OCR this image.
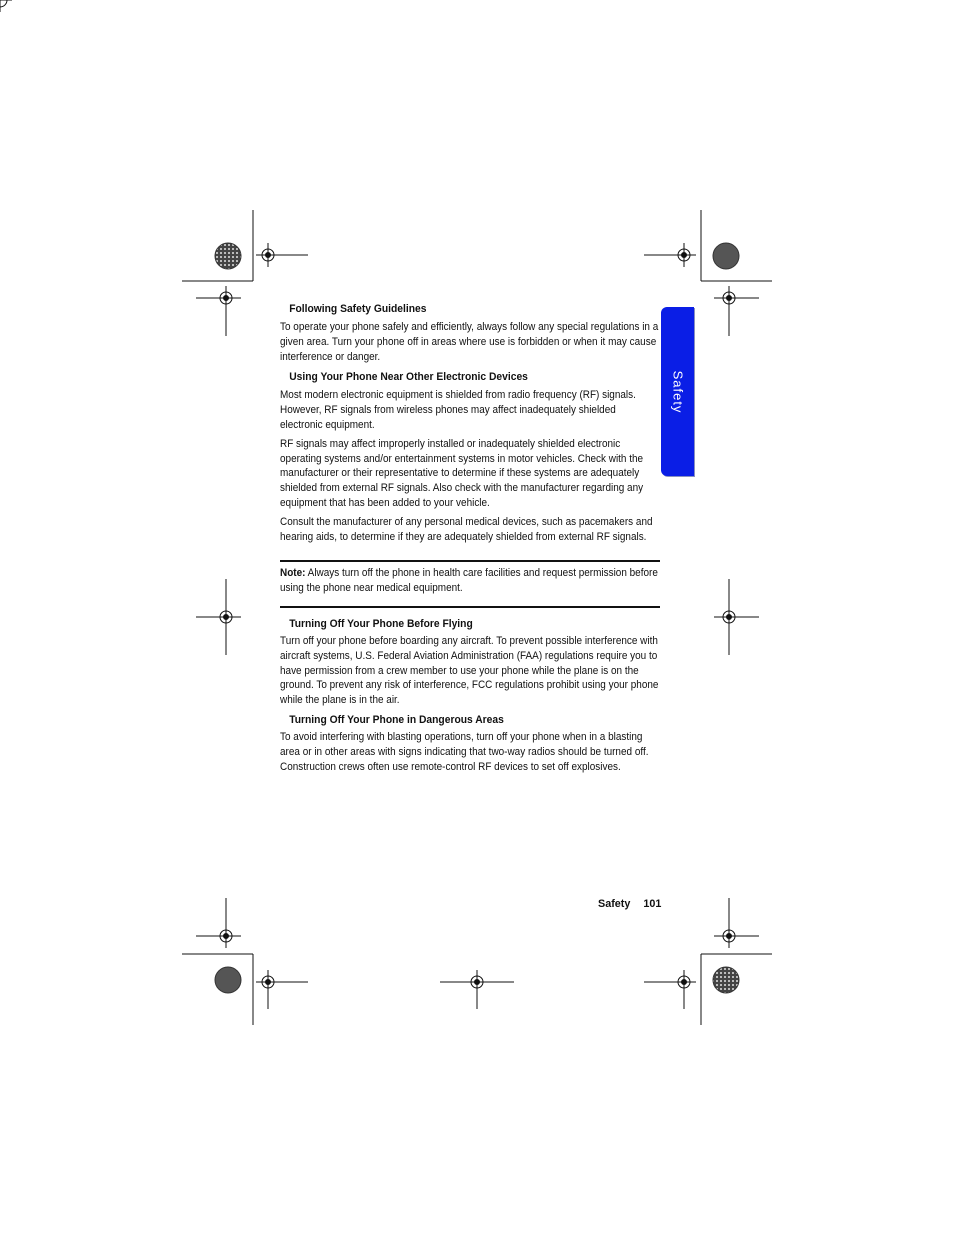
Safety
Following Safety Guidelines

To operate your phone safely and efficiently, always follow any special regulations in a given area. Turn your phone off in areas where use is forbidden or when it may cause interference or danger.

Using Your Phone Near Other Electronic Devices

Most modern electronic equipment is shielded from radio frequency (RF) signals. However, RF signals from wireless phones may affect inadequately shielded electronic equipment.

RF signals may affect improperly installed or inadequately shielded electronic operating systems and/or entertainment systems in motor vehicles. Check with the manufacturer or their representative to determine if these systems are adequately shielded from external RF signals. Also check with the manufacturer regarding any equipment that has been added to your vehicle.

Consult the manufacturer of any personal medical devices, such as pacemakers and hearing aids, to determine if they are adequately shielded from external RF signals.

Note: Always turn off the phone in health care facilities and request permission before using the phone near medical equipment.

Turning Off Your Phone Before Flying

Turn off your phone before boarding any aircraft. To prevent possible interference with aircraft systems, U.S. Federal Aviation Administration (FAA) regulations require you to have permission from a crew member to use your phone while the plane is on the ground. To prevent any risk of interference, FCC regulations prohibit using your phone while the plane is in the air.

Turning Off Your Phone in Dangerous Areas

To avoid interfering with blasting operations, turn off your phone when in a blasting area or in other areas with signs indicating that two-way radios should be turned off. Construction crews often use remote-control RF devices to set off explosives.

Safety 101
